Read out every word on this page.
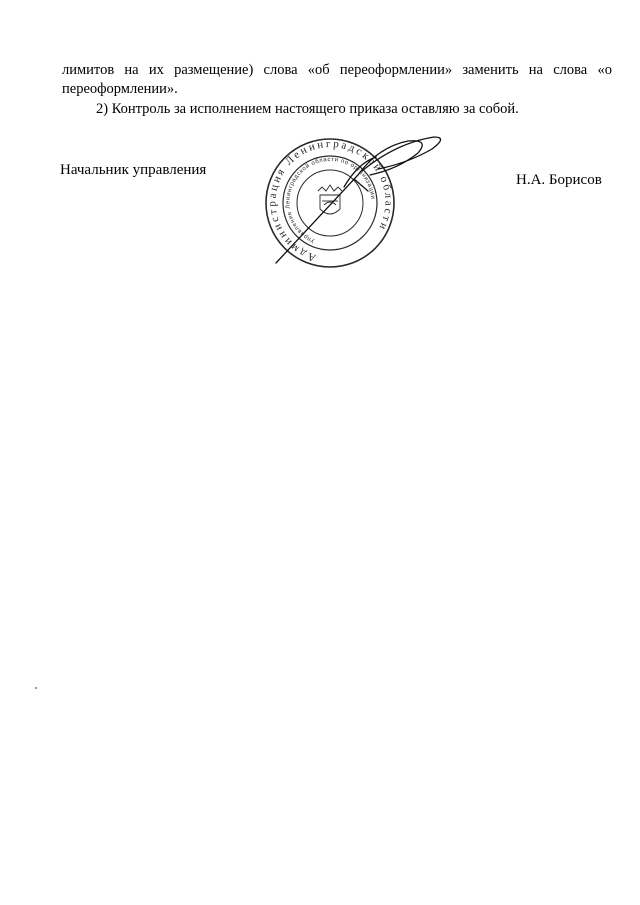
лимитов на их размещение) слова «об переоформлении» заменить на слова «о переоформлении».

2) Контроль за исполнением настоящего приказа оставляю за собой.

Начальник управления
Н.А. Борисов
Администрация Ленинградской области
Управление Ленинградской области по организации
